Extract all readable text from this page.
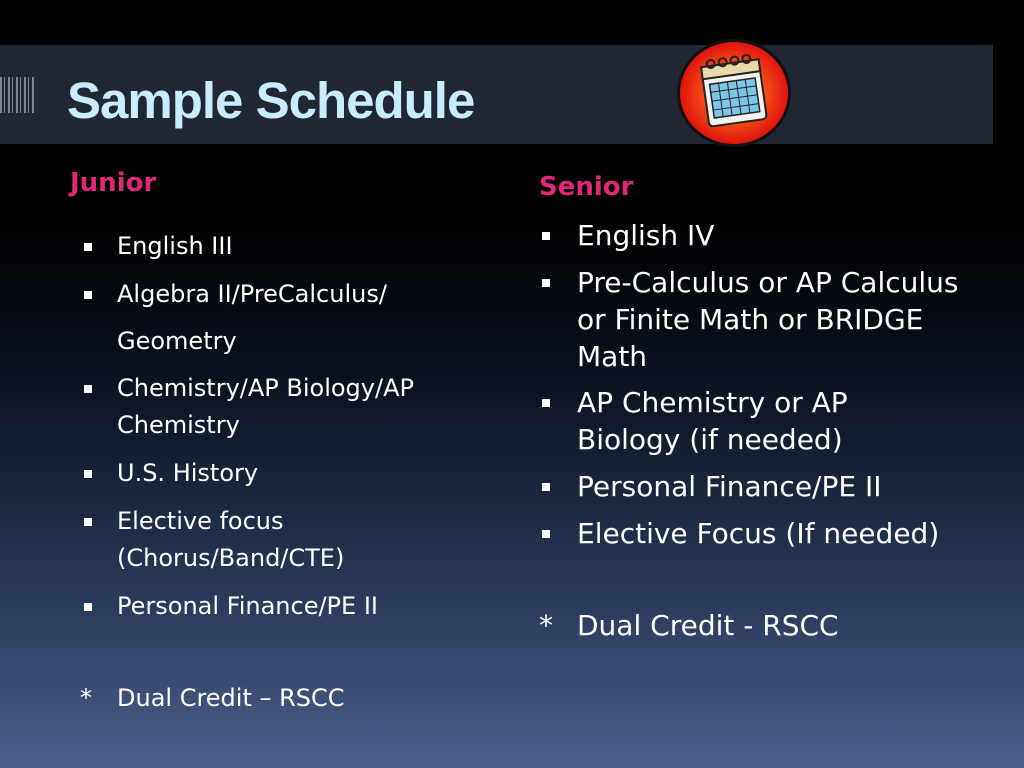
Sample Schedule
Junior
English III
Algebra II/PreCalculus/
Geometry
Chemistry/AP Biology/AP Chemistry
U.S. History
Elective focus (Chorus/Band/CTE)
Personal Finance/PE II
* Dual Credit – RSCC
Senior
English IV
Pre-Calculus or AP Calculus or Finite Math or BRIDGE Math
AP Chemistry or AP Biology (if needed)
Personal Finance/PE II
Elective Focus (If needed)
* Dual Credit - RSCC
